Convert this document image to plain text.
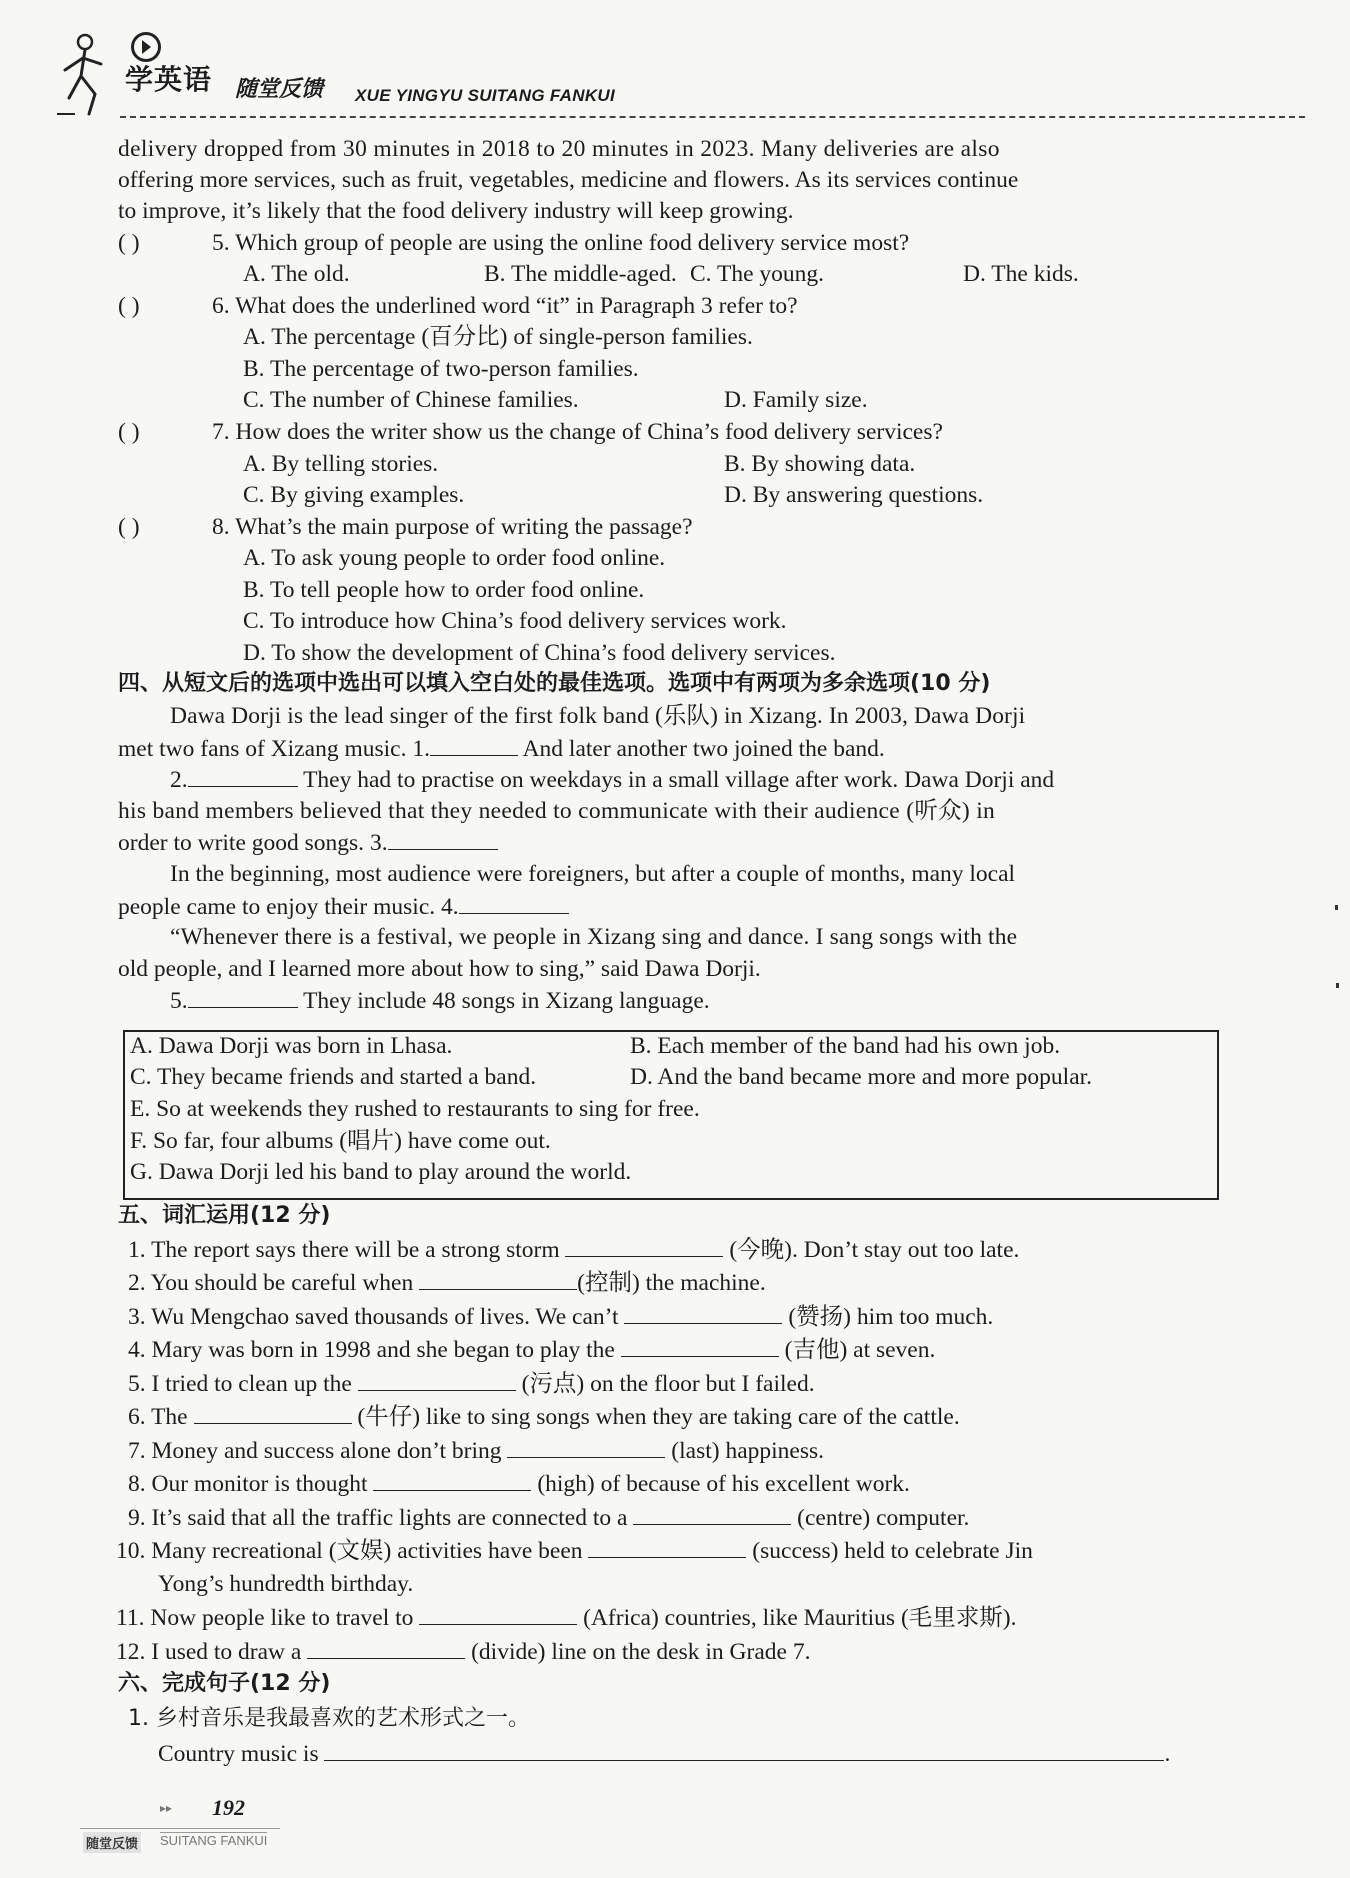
学英语 随堂反馈 XUE YINGYU SUITANG FANKUI
delivery dropped from 30 minutes in 2018 to 20 minutes in 2023. Many deliveries are also
offering more services, such as fruit, vegetables, medicine and flowers. As its services continue
to improve, it’s likely that the food delivery industry will keep growing.
( )	5. Which group of people are using the online food delivery service most?
A. The old.	B. The middle-aged. C. The young.	D. The kids.
( )	6. What does the underlined word “it” in Paragraph 3 refer to?
A. The percentage (百分比) of single-person families.
B. The percentage of two-person families.
C. The number of Chinese families.	D. Family size.
( )	7. How does the writer show us the change of China’s food delivery services?
A. By telling stories.	B. By showing data.
C. By giving examples.	D. By answering questions.
( )	8. What’s the main purpose of writing the passage?
A. To ask young people to order food online.
B. To tell people how to order food online.
C. To introduce how China’s food delivery services work.
D. To show the development of China’s food delivery services.
四、从短文后的选项中选出可以填入空白处的最佳选项。选项中有两项为多余选项(10 分)
Dawa Dorji is the lead singer of the first folk band (乐队) in Xizang. In 2003, Dawa Dorji
met two fans of Xizang music. 1.	And later another two joined the band.
2.	They had to practise on weekdays in a small village after work. Dawa Dorji and
his band members believed that they needed to communicate with their audience (听众) in
order to write good songs. 3.
In the beginning, most audience were foreigners, but after a couple of months, many local
people came to enjoy their music. 4.
“Whenever there is a festival, we people in Xizang sing and dance. I sang songs with the
old people, and I learned more about how to sing,” said Dawa Dorji.
5.	They include 48 songs in Xizang language.
A. Dawa Dorji was born in Lhasa.	B. Each member of the band had his own job.
C. They became friends and started a band.	D. And the band became more and more popular.
E. So at weekends they rushed to restaurants to sing for free.
F. So far, four albums (唱片) have come out.
G. Dawa Dorji led his band to play around the world.
五、词汇运用(12 分)
1. The report says there will be a strong storm	(今晚). Don’t stay out too late.
2. You should be careful when	(控制) the machine.
3. Wu Mengchao saved thousands of lives. We can’t	(赞扬) him too much.
4. Mary was born in 1998 and she began to play the	(吉他) at seven.
5. I tried to clean up the	(污点) on the floor but I failed.
6. The	(牛仔) like to sing songs when they are taking care of the cattle.
7. Money and success alone don’t bring	(last) happiness.
8. Our monitor is thought	(high) of because of his excellent work.
9. It’s said that all the traffic lights are connected to a	(centre) computer.
10. Many recreational (文娱) activities have been	(success) held to celebrate Jin
Yong’s hundredth birthday.
11. Now people like to travel to	(Africa) countries, like Mauritius (毛里求斯).
12. I used to draw a	(divide) line on the desk in Grade 7.
六、完成句子(12 分)
1. 乡村音乐是我最喜欢的艺术形式之一。
Country music is	.
▸▸ 192
随堂反馈 SUITANG FANKUI
